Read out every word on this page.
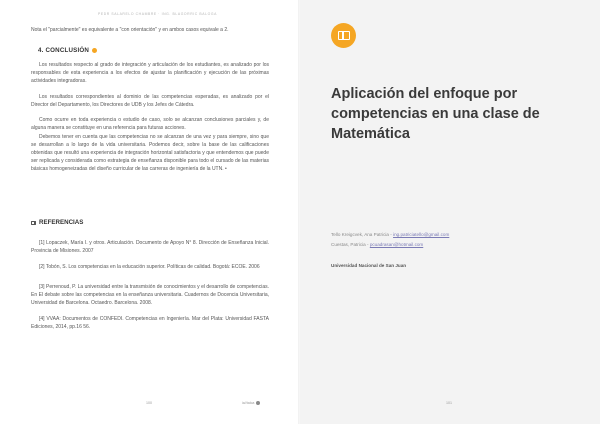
PEDR SALARELO CHAMBRE · ING. BLAGORRIC BALOGA

Nota el "parcialmente" es equivalente a "con orientación" y en ambos casos equivale a 2.

4. CONCLUSIÓN

Los resultados respecto al grado de integración y articulación de los estudiantes, es analizado por los responsables de esta experiencia a los efectos de ajustar la planificación y ejecución de las próximas actividades integradoras.

Los resultados correspondientes al dominio de las competencias esperadas, es analizado por el Director del Departamento, los Directores de UDB y los Jefes de Cátedra.

Como ocurre en toda experiencia o estudio de caso, solo se alcanzan conclusiones parciales y, de alguna manera se constituye en una referencia para futuras acciones.

Debemos tener en cuenta que las competencias no se alcanzan de una vez y para siempre, sino que se desarrollan a lo largo de la vida universitaria. Podemos decir, sobre la base de las calificaciones obtenidas que resultó una experiencia de integración horizontal satisfactoria y que entendemos que puede ser replicada y considerada como estrategia de enseñanza disponible para todo el cursado de las materias básicas homogeneizadas del diseño curricular de las carreras de ingeniería de la UTN. •

REFERENCIAS

[1] Lopaczek, María I. y otros. Articulación. Documento de Apoyo N° 8. Dirección de Enseñanza Inicial. Provincia de Misiones. 2007

[2] Tobón, S. Los competencias en la educación superior. Políticas de calidad. Bogotá: ECOE. 2006

[3] Perrenoud, P. La universidad entre la transmisión de conocimientos y el desarrollo de competencias. En El debate sobre las competencias en la enseñanza universitaria. Cuadernos de Docencia Universitaria, Universidad de Barcelona. Octaedro. Barcelona. 2008.

[4] VVAA: Documentos de CONFEDI. Competencias en Ingeniería. Mar del Plata: Universidad FASTA Ediciones, 2014, pp.16 56.

100	ia//talca	101
Aplicación del enfoque por competencias en una clase de Matemática
Tello Kreigcvek, Ana Patricia - ing.patriciatello@gmail.com
Cuestas, Patricia - pcuadrasan@hotmail.com
Universidad Nacional de San Juan
